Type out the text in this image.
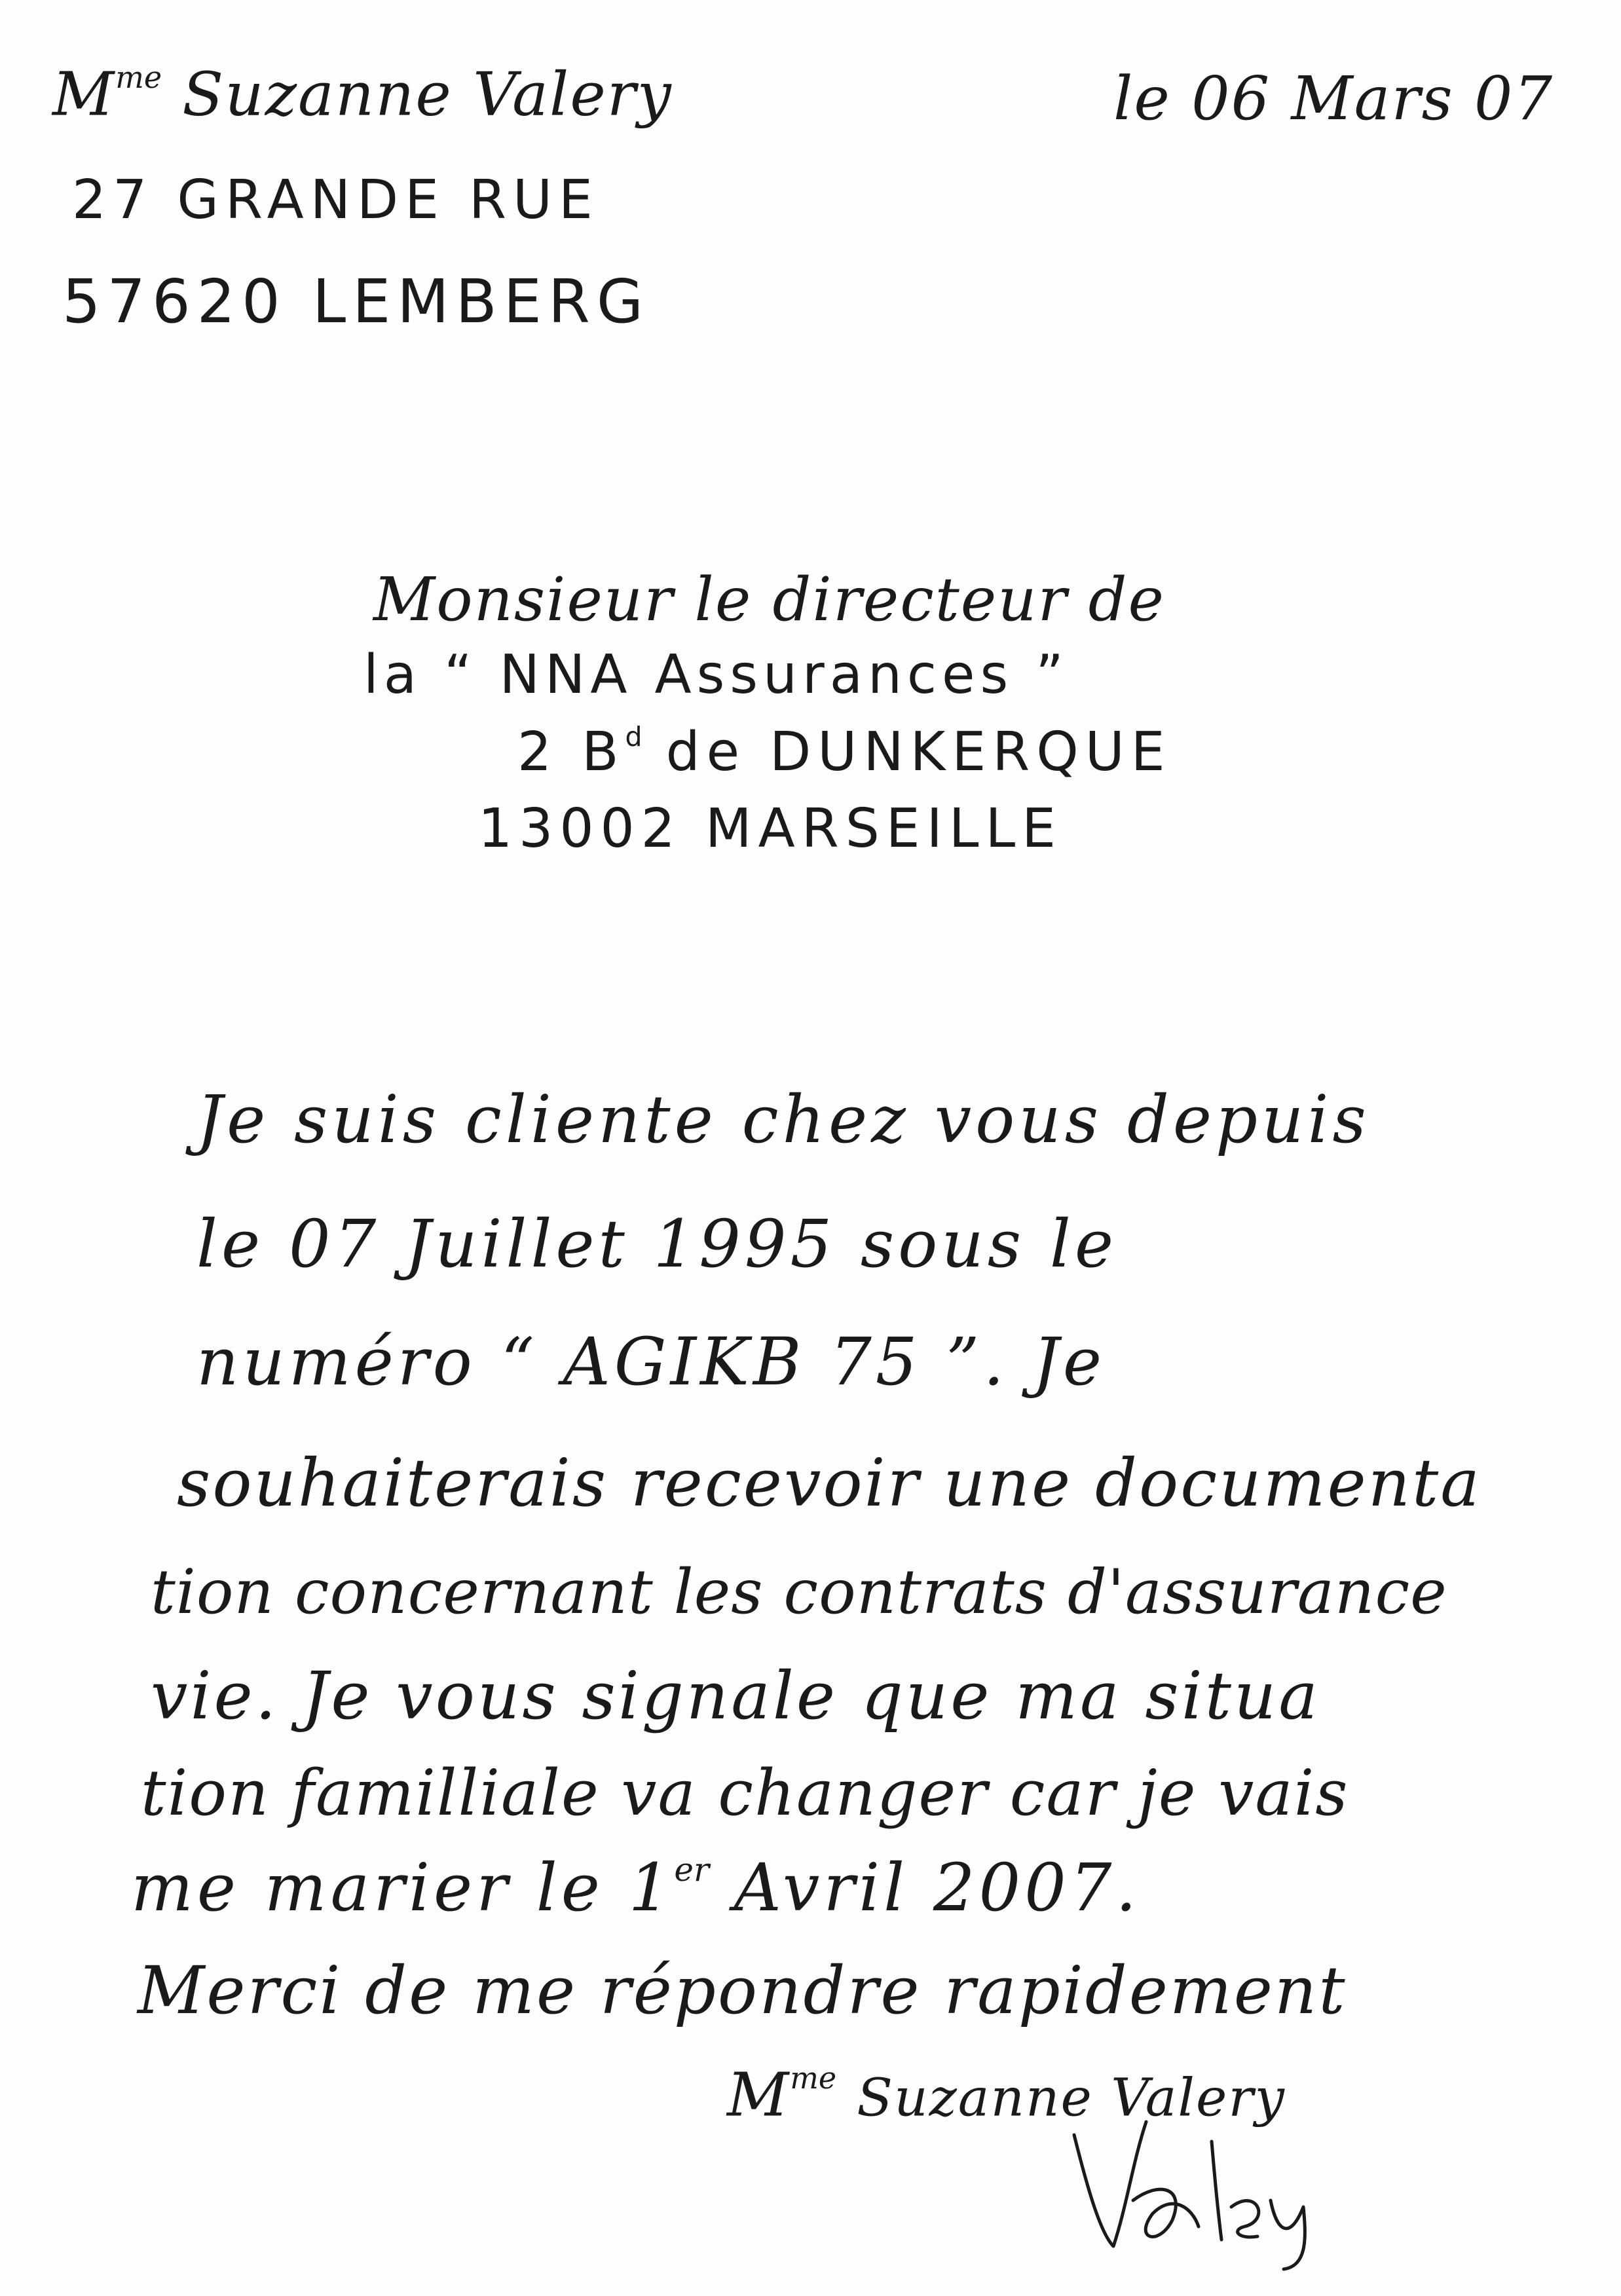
$M^{me}$ Suzanne Valery
27 GRANDE RUE
57620 LEMBERG
le 06 Mars 07
Monsieur le directeur de
la “ NNA Assurances ”
2 $B^d$ de DUNKERQUE
13002 MARSEILLE
Je suis cliente chez vous depuis
le 07 Juillet 1995 sous le
numéro “ AGIKB 75 ”. Je
souhaiterais recevoir une documenta
tion concernant les contrats d'assurance
vie. Je vous signale que ma situa
tion familliale va changer car je vais
me marier le 1er Avril 2007.
Merci de me répondre rapidement
$M^{me}$ Suzanne Valery
